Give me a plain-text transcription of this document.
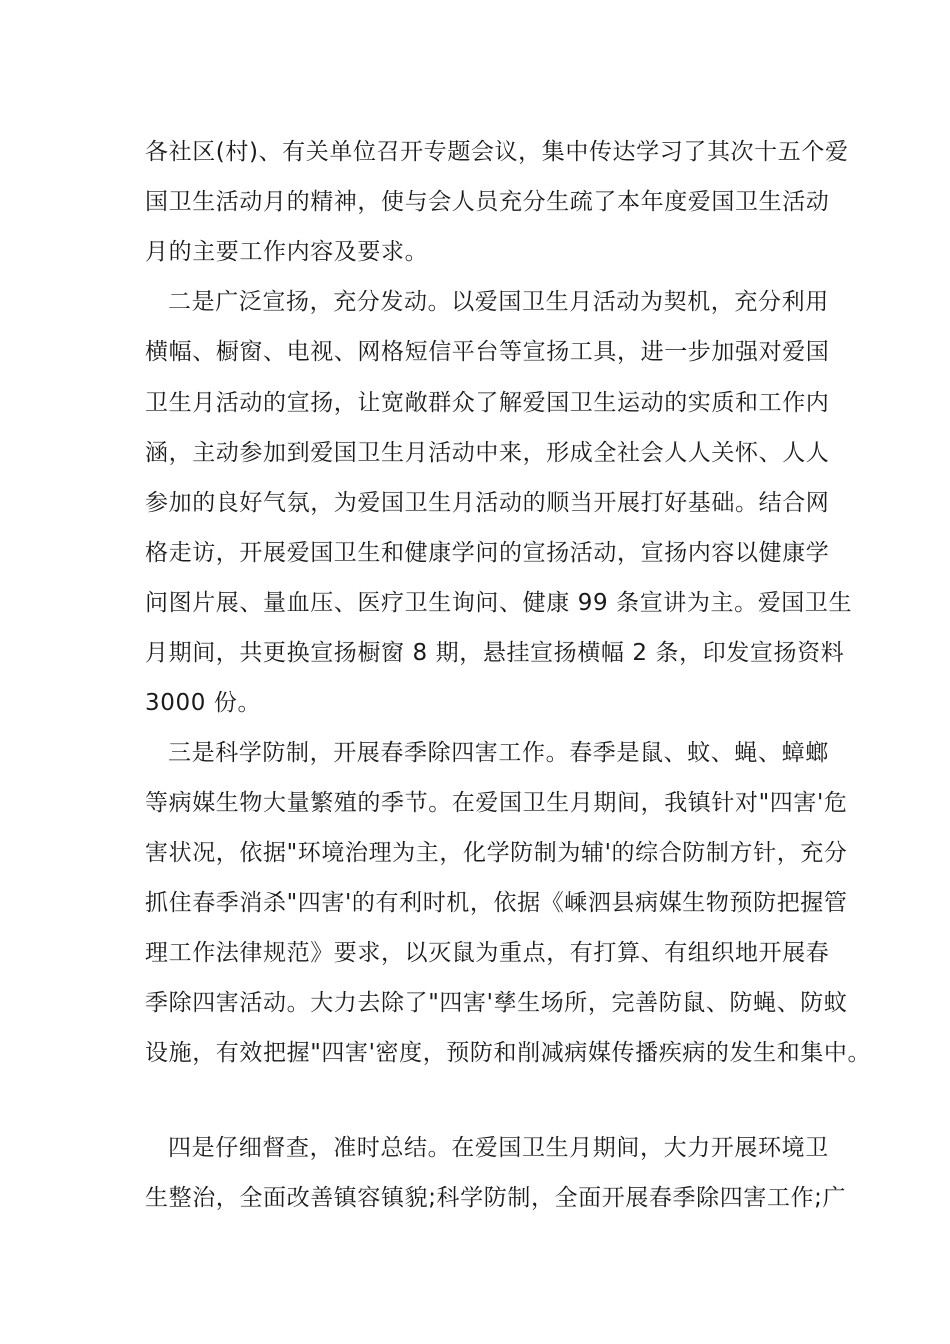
各社区(村)、有关单位召开专题会议，集中传达学习了其次十五个爱

国卫生活动月的精神，使与会人员充分生疏了本年度爱国卫生活动

月的主要工作内容及要求。

二是广泛宣扬，充分发动。以爱国卫生月活动为契机，充分利用

横幅、橱窗、电视、网格短信平台等宣扬工具，进一步加强对爱国

卫生月活动的宣扬，让宽敞群众了解爱国卫生运动的实质和工作内

涵，主动参加到爱国卫生月活动中来，形成全社会人人关怀、人人

参加的良好气氛，为爱国卫生月活动的顺当开展打好基础。结合网

格走访，开展爱国卫生和健康学问的宣扬活动，宣扬内容以健康学

问图片展、量血压、医疗卫生询问、健康 99 条宣讲为主。爱国卫生

月期间，共更换宣扬橱窗 8 期，悬挂宣扬横幅 2 条，印发宣扬资料

3000 份。

三是科学防制，开展春季除四害工作。春季是鼠、蚊、蝇、蟑螂

等病媒生物大量繁殖的季节。在爱国卫生月期间，我镇针对"四害'危

害状况，依据"环境治理为主，化学防制为辅'的综合防制方针，充分

抓住春季消杀"四害'的有利时机，依据《嵊泗县病媒生物预防把握管

理工作法律规范》要求，以灭鼠为重点，有打算、有组织地开展春

季除四害活动。大力去除了"四害'孳生场所，完善防鼠、防蝇、防蚊

设施，有效把握"四害'密度，预防和削减病媒传播疾病的发生和集中。

四是仔细督查，准时总结。在爱国卫生月期间，大力开展环境卫

生整治，全面改善镇容镇貌;科学防制，全面开展春季除四害工作;广
